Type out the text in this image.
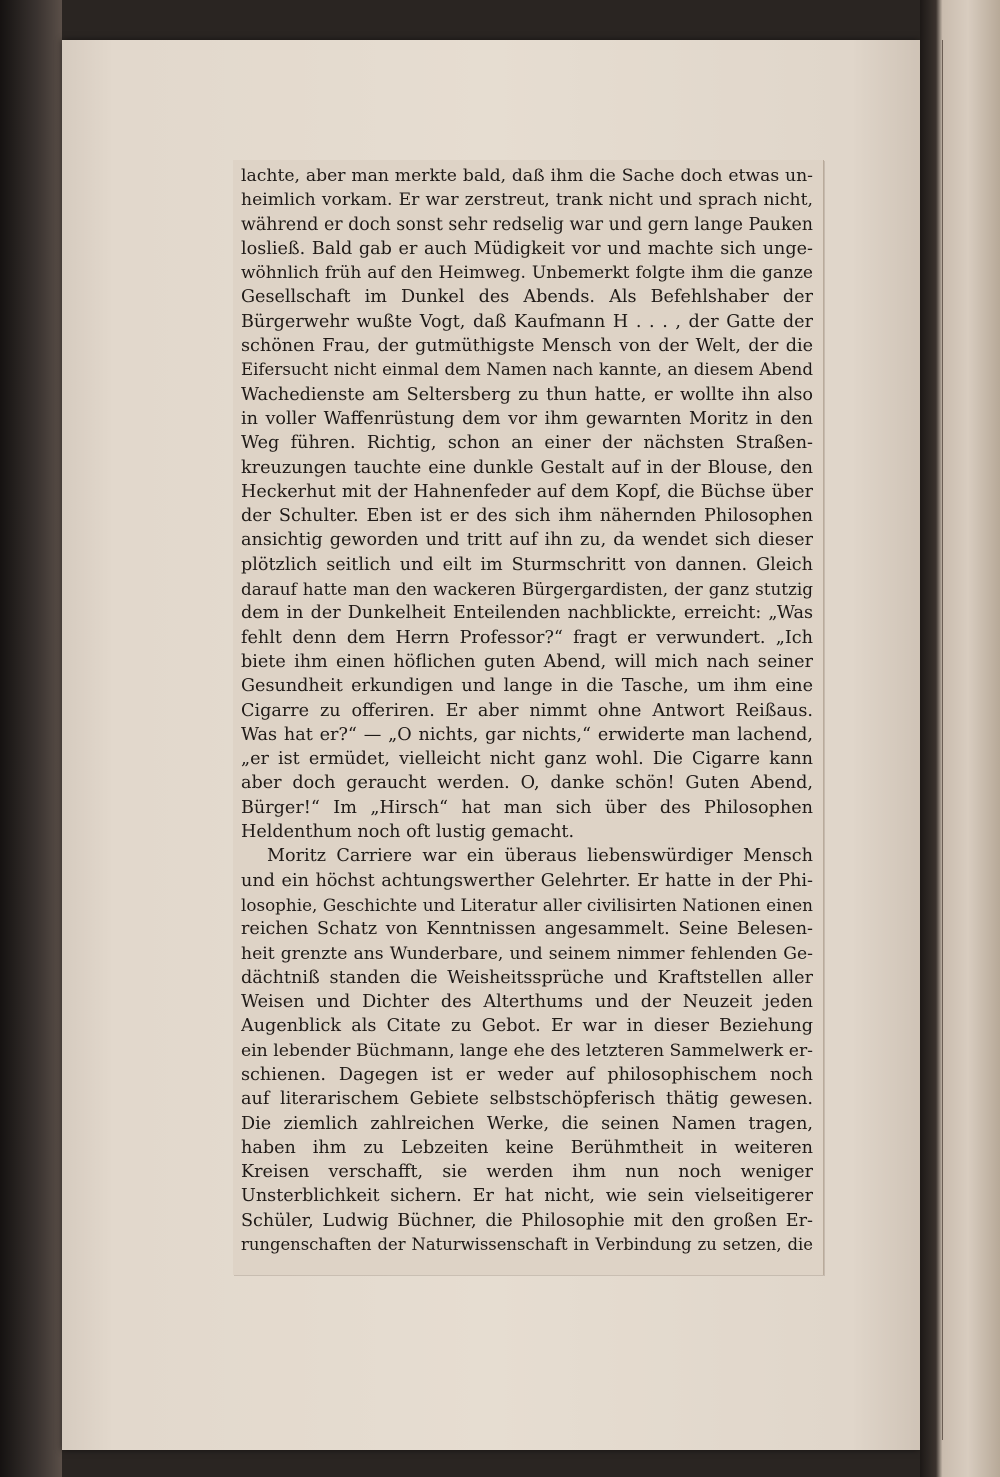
lachte, aber man merkte bald, daß ihm die Sache doch etwas un-
heimlich vorkam. Er war zerstreut, trank nicht und sprach nicht,
während er doch sonst sehr redselig war und gern lange Pauken
losließ. Bald gab er auch Müdigkeit vor und machte sich unge-
wöhnlich früh auf den Heimweg. Unbemerkt folgte ihm die ganze
Gesellschaft im Dunkel des Abends. Als Befehlshaber der
Bürgerwehr wußte Vogt, daß Kaufmann H . . . , der Gatte der
schönen Frau, der gutmüthigste Mensch von der Welt, der die
Eifersucht nicht einmal dem Namen nach kannte, an diesem Abend
Wachedienste am Seltersberg zu thun hatte, er wollte ihn also
in voller Waffenrüstung dem vor ihm gewarnten Moritz in den
Weg führen. Richtig, schon an einer der nächsten Straßen-
kreuzungen tauchte eine dunkle Gestalt auf in der Blouse, den
Heckerhut mit der Hahnenfeder auf dem Kopf, die Büchse über
der Schulter. Eben ist er des sich ihm nähernden Philosophen
ansichtig geworden und tritt auf ihn zu, da wendet sich dieser
plötzlich seitlich und eilt im Sturmschritt von dannen. Gleich
darauf hatte man den wackeren Bürgergardisten, der ganz stutzig
dem in der Dunkelheit Enteilenden nachblickte, erreicht: „Was
fehlt denn dem Herrn Professor?“ fragt er verwundert. „Ich
biete ihm einen höflichen guten Abend, will mich nach seiner
Gesundheit erkundigen und lange in die Tasche, um ihm eine
Cigarre zu offeriren. Er aber nimmt ohne Antwort Reißaus.
Was hat er?“ — „O nichts, gar nichts,“ erwiderte man lachend,
„er ist ermüdet, vielleicht nicht ganz wohl. Die Cigarre kann
aber doch geraucht werden. O, danke schön! Guten Abend,
Bürger!“ Im „Hirsch“ hat man sich über des Philosophen
Heldenthum noch oft lustig gemacht.
Moritz Carriere war ein überaus liebenswürdiger Mensch
und ein höchst achtungswerther Gelehrter. Er hatte in der Phi-
losophie, Geschichte und Literatur aller civilisirten Nationen einen
reichen Schatz von Kenntnissen angesammelt. Seine Belesen-
heit grenzte ans Wunderbare, und seinem nimmer fehlenden Ge-
dächtniß standen die Weisheitssprüche und Kraftstellen aller
Weisen und Dichter des Alterthums und der Neuzeit jeden
Augenblick als Citate zu Gebot. Er war in dieser Beziehung
ein lebender Büchmann, lange ehe des letzteren Sammelwerk er-
schienen. Dagegen ist er weder auf philosophischem noch
auf literarischem Gebiete selbstschöpferisch thätig gewesen.
Die ziemlich zahlreichen Werke, die seinen Namen tragen,
haben ihm zu Lebzeiten keine Berühmtheit in weiteren
Kreisen verschafft, sie werden ihm nun noch weniger
Unsterblichkeit sichern. Er hat nicht, wie sein vielseitigerer
Schüler, Ludwig Büchner, die Philosophie mit den großen Er-
rungenschaften der Naturwissenschaft in Verbindung zu setzen, die
